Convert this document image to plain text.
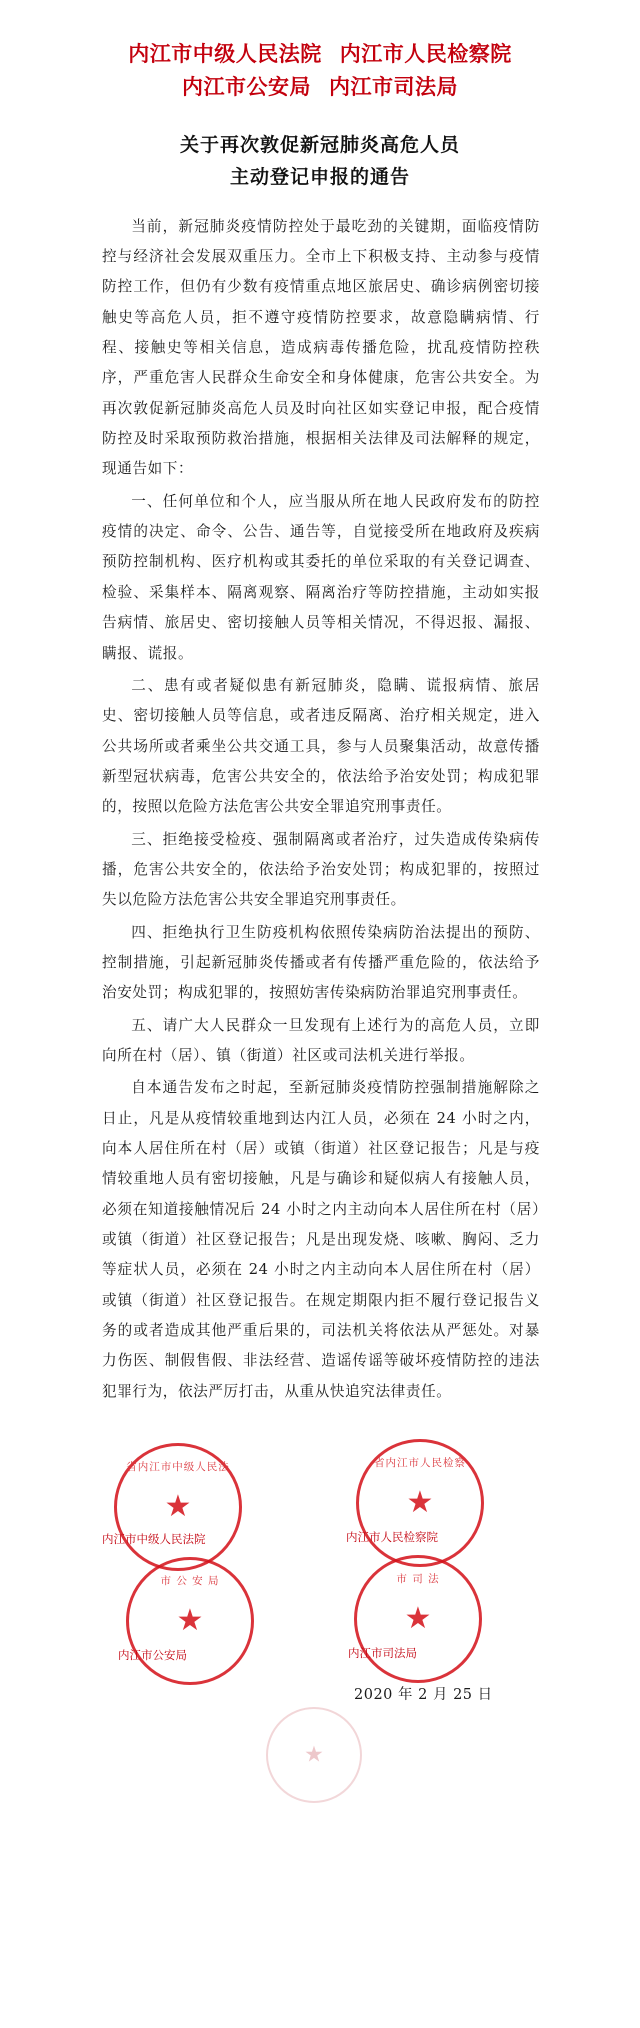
内江市中级人民法院 内江市人民检察院
内江市公安局 内江市司法局
关于再次敦促新冠肺炎高危人员
主动登记申报的通告

当前，新冠肺炎疫情防控处于最吃劲的关键期，面临疫情防控与经济社会发展双重压力。全市上下积极支持、主动参与疫情防控工作，但仍有少数有疫情重点地区旅居史、确诊病例密切接触史等高危人员，拒不遵守疫情防控要求，故意隐瞒病情、行程、接触史等相关信息，造成病毒传播危险，扰乱疫情防控秩序，严重危害人民群众生命安全和身体健康，危害公共安全。为再次敦促新冠肺炎高危人员及时向社区如实登记申报，配合疫情防控及时采取预防救治措施，根据相关法律及司法解释的规定，现通告如下：

一、任何单位和个人，应当服从所在地人民政府发布的防控疫情的决定、命令、公告、通告等，自觉接受所在地政府及疾病预防控制机构、医疗机构或其委托的单位采取的有关登记调查、检验、采集样本、隔离观察、隔离治疗等防控措施，主动如实报告病情、旅居史、密切接触人员等相关情况，不得迟报、漏报、瞒报、谎报。

二、患有或者疑似患有新冠肺炎，隐瞒、谎报病情、旅居史、密切接触人员等信息，或者违反隔离、治疗相关规定，进入公共场所或者乘坐公共交通工具，参与人员聚集活动，故意传播新型冠状病毒，危害公共安全的，依法给予治安处罚；构成犯罪的，按照以危险方法危害公共安全罪追究刑事责任。

三、拒绝接受检疫、强制隔离或者治疗，过失造成传染病传播，危害公共安全的，依法给予治安处罚；构成犯罪的，按照过失以危险方法危害公共安全罪追究刑事责任。

四、拒绝执行卫生防疫机构依照传染病防治法提出的预防、控制措施，引起新冠肺炎传播或者有传播严重危险的，依法给予治安处罚；构成犯罪的，按照妨害传染病防治罪追究刑事责任。

五、请广大人民群众一旦发现有上述行为的高危人员，立即向所在村（居）、镇（街道）社区或司法机关进行举报。

自本通告发布之时起，至新冠肺炎疫情防控强制措施解除之日止，凡是从疫情较重地到达内江人员，必须在 24 小时之内，向本人居住所在村（居）或镇（街道）社区登记报告；凡是与疫情较重地人员有密切接触，凡是与确诊和疑似病人有接触人员，必须在知道接触情况后 24 小时之内主动向本人居住所在村（居）或镇（街道）社区登记报告；凡是出现发烧、咳嗽、胸闷、乏力等症状人员，必须在 24 小时之内主动向本人居住所在村（居）或镇（街道）社区登记报告。在规定期限内拒不履行登记报告义务的或者造成其他严重后果的，司法机关将依法从严惩处。对暴力伤医、制假售假、非法经营、造谣传谣等破坏疫情防控的违法犯罪行为，依法严厉打击，从重从快追究法律责任。

省内江市中级人民法
★
省内江市人民检察
★
市 公 安 局
★
市 司 法
★
内江市中级人民法院	内江市人民检察院
内江市公安局	内江市司法局
2020 年 2 月 25 日
★
